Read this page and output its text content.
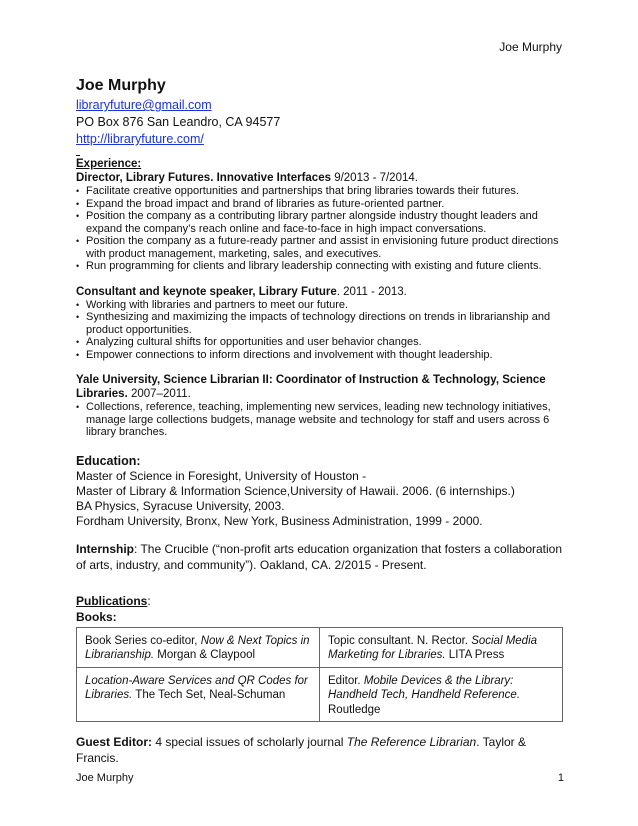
Joe Murphy
Joe Murphy
libraryfuture@gmail.com
PO Box 876 San Leandro, CA 94577
http://libraryfuture.com/
Experience:
Director, Library Futures. Innovative Interfaces 9/2013 - 7/2014.
• Facilitate creative opportunities and partnerships that bring libraries towards their futures.
• Expand the broad impact and brand of libraries as future-oriented partner.
• Position the company as a contributing library partner alongside industry thought leaders and expand the company’s reach online and face-to-face in high impact conversations.
• Position the company as a future-ready partner and assist in envisioning future product directions with product management, marketing, sales, and executives.
• Run programming for clients and library leadership connecting with existing and future clients.
Consultant and keynote speaker, Library Future. 2011 - 2013.
• Working with libraries and partners to meet our future.
• Synthesizing and maximizing the impacts of technology directions on trends in librarianship and product opportunities.
• Analyzing cultural shifts for opportunities and user behavior changes.
• Empower connections to inform directions and involvement with thought leadership.
Yale University, Science Librarian II: Coordinator of Instruction & Technology, Science Libraries. 2007–2011.
• Collections, reference, teaching, implementing new services, leading new technology initiatives, manage large collections budgets, manage website and technology for staff and users across 6 library branches.
Education:
Master of Science in Foresight, University of Houston -
Master of Library & Information Science,University of Hawaii. 2006. (6 internships.)
BA Physics, Syracuse University, 2003.
Fordham University, Bronx, New York, Business Administration, 1999 - 2000.
Internship: The Crucible (“non-profit arts education organization that fosters a collaboration of arts, industry, and community”). Oakland, CA. 2/2015 - Present.
Publications:
Books:
Book Series co-editor, Now & Next Topics in Librarianship. Morgan & Claypool	Topic consultant. N. Rector. Social Media Marketing for Libraries. LITA Press
Location-Aware Services and QR Codes for Libraries. The Tech Set, Neal-Schuman	Editor. Mobile Devices & the Library: Handheld Tech, Handheld Reference. Routledge
Guest Editor: 4 special issues of scholarly journal The Reference Librarian. Taylor & Francis.
Joe Murphy	1
